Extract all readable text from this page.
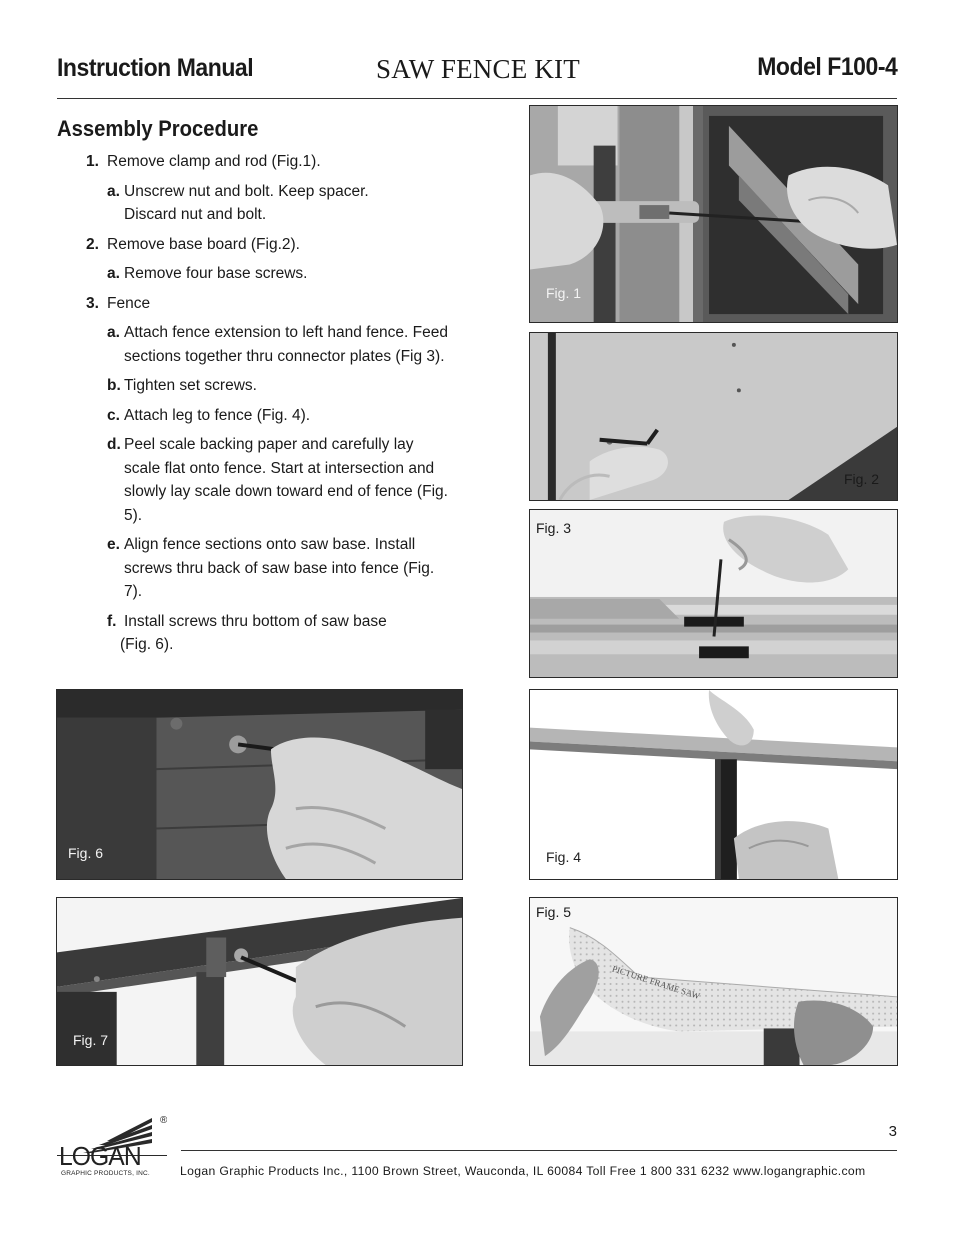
Instruction Manual	SAW FENCE KIT	Model F100-4
Assembly Procedure
1. Remove clamp and rod (Fig.1).
a. Unscrew nut and bolt. Keep spacer. Discard nut and bolt.
2. Remove base board (Fig.2).
a. Remove four base screws.
3. Fence
a. Attach fence extension to left hand fence. Feed sections together thru connector plates (Fig 3).
b. Tighten set screws.
c. Attach leg to fence (Fig. 4).
d. Peel scale backing paper and carefully lay scale flat onto fence. Start at intersection and slowly lay scale down toward end of fence (Fig. 5).
e. Align fence sections onto saw base. Install screws thru back of saw base into fence (Fig. 7).
f. Install screws thru bottom of saw base
(Fig. 6).
Fig. 1
Fig. 2
Fig. 3
Fig. 4
PICTURE FRAME SAW
Fig. 5
Fig. 6
Fig. 7
®
LOGAN
GRAPHIC PRODUCTS, INC.
3
Logan Graphic Products Inc., 1100 Brown Street, Wauconda, IL 60084 Toll Free 1 800 331 6232 www.logangraphic.com
